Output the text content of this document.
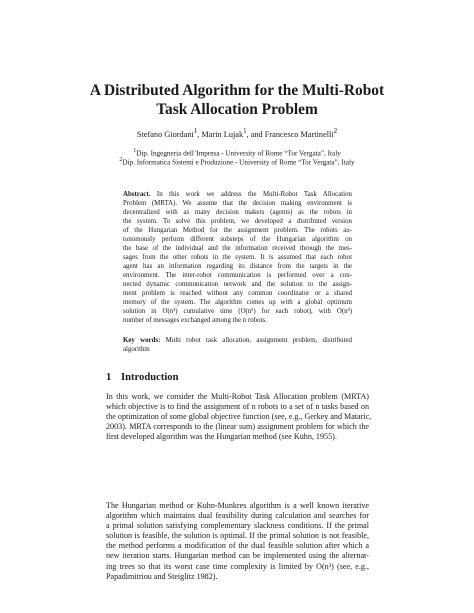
A Distributed Algorithm for the Multi-Robot
Task Allocation Problem
Stefano Giordani$^1$, Marin Lujak$^1$, and Francesco Martinelli$^2$
$^1$Dip. Ingegneria dell’Impresa - University of Rome “Tor Vergata”, Italy
$^2$Dip. Informatica Sistemi e Produzione - University of Rome “Tor Vergata”, Italy
Abstract. In this work we address the Multi-Robot Task Allocation
Problem (MRTA). We assume that the decision making environment is
decentralized with as many decision makers (agents) as the robots in
the system. To solve this problem, we developed a distributed version
of the Hungarian Method for the assignment problem. The robots au-
tonomously perform different substeps of the Hungarian algorithm on
the base of the individual and the information received through the mes-
sages from the other robots in the system. It is assumed that each robot
agent has an information regarding its distance from the targets in the
environment. The inter-robot communication is performed over a con-
nected dynamic communication network and the solution to the assign-
ment problem is reached without any common coordinator or a shared
memory of the system. The algorithm comes up with a global optimum
solution in O(n³) cumulative time (O(n²) for each robot), with O(n³)
number of messages exchanged among the n robots.
Key words: Multi robot task allocation, assignment problem, distributed
algorithm
1 Introduction
In this work, we consider the Multi-Robot Task Allocation problem (MRTA)
which objective is to find the assignment of n robots to a set of n tasks based on
the optimization of some global objective function (see, e.g., Gerkey and Mataric,
2003). MRTA corresponds to the (linear sum) assignment problem for which the
first developed algorithm was the Hungarian method (see Kuhn, 1955).
The Hungarian method or Kuhn-Munkres algorithm is a well known iterative
algorithm which maintains dual feasibility during calculation and searches for
a primal solution satisfying complementary slackness conditions. If the primal
solution is feasible, the solution is optimal. If the primal solution is not feasible,
the method performs a modification of the dual feasible solution after which a
new iteration starts. Hungarian method can be implemented using the alternat-
ing trees so that its worst case time complexity is limited by O(n³) (see, e.g.,
Papadimitriou and Steiglitz 1982).
